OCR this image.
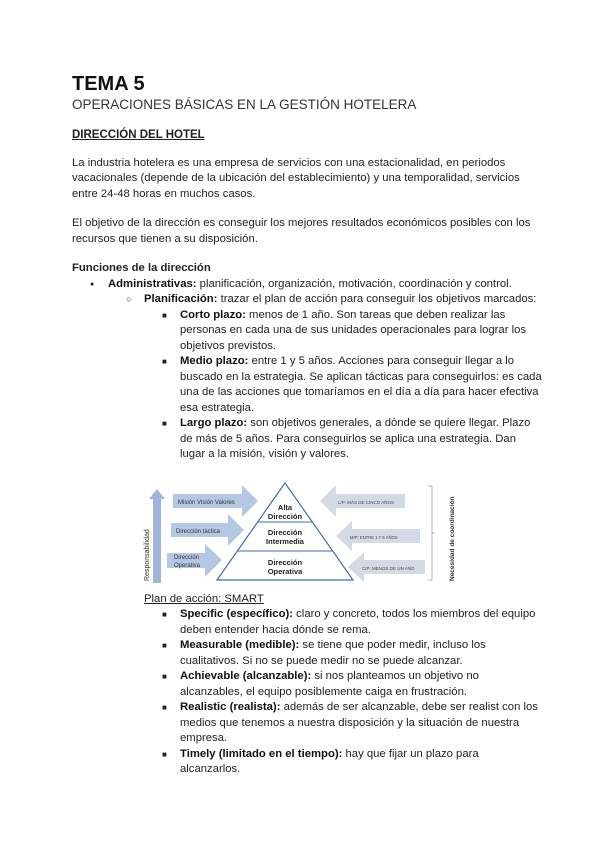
TEMA 5
OPERACIONES BÁSICAS EN LA GESTIÓN HOTELERA
DIRECCIÓN DEL HOTEL
La industria hotelera es una empresa de servicios con una estacionalidad, en periodos vacacionales (depende de la ubicación del establecimiento) y una temporalidad, servicios entre 24-48 horas en muchos casos.
El objetivo de la dirección es conseguir los mejores resultados económicos posibles con los recursos que tienen a su disposición.
Funciones de la dirección
● Administrativas: planificación, organización, motivación, coordinación y control.
○ Planificación: trazar el plan de acción para conseguir los objetivos marcados:
■ Corto plazo: menos de 1 año. Son tareas que deben realizar las personas en cada una de sus unidades operacionales para lograr los objetivos previstos.
■ Medio plazo: entre 1 y 5 años. Acciones para conseguir llegar a lo buscado en la estrategia. Se aplican tácticas para conseguirlos: es cada una de las acciones que tomaríamos en el día a día para hacer efectiva esa estrategia.
■ Largo plazo: son objetivos generales, a dónde se quiere llegar. Plazo de más de 5 años. Para conseguirlos se aplica una estrategia. Dan lugar a la misión, visión y valores.
Responsabilidad
Misión Visión Valores
Dirección táctica
Dirección
Operativa
Alta
Dirección
Dirección
Intermedia
Dirección
Operativa
L/P: MÁS DE CINCO AÑOS
M/P: ENTRE 1 Y 5 AÑOS
C/P: MENOS DE UN AÑO	Necesidad de coordinación
Plan de acción: SMART
■ Specific (específico): claro y concreto, todos los miembros del equipo deben entender hacia dónde se rema.
■ Measurable (medible): se tiene que poder medir, incluso los cualitativos. Si no se puede medir no se puede alcanzar.
■ Achievable (alcanzable): si nos planteamos un objetivo no alcanzables, el equipo posiblemente caiga en frustración.
■ Realistic (realista): además de ser alcanzable, debe ser realist con los medios que tenemos a nuestra disposición y la situación de nuestra empresa.
■ Timely (limitado en el tiempo): hay que fijar un plazo para alcanzarlos.
